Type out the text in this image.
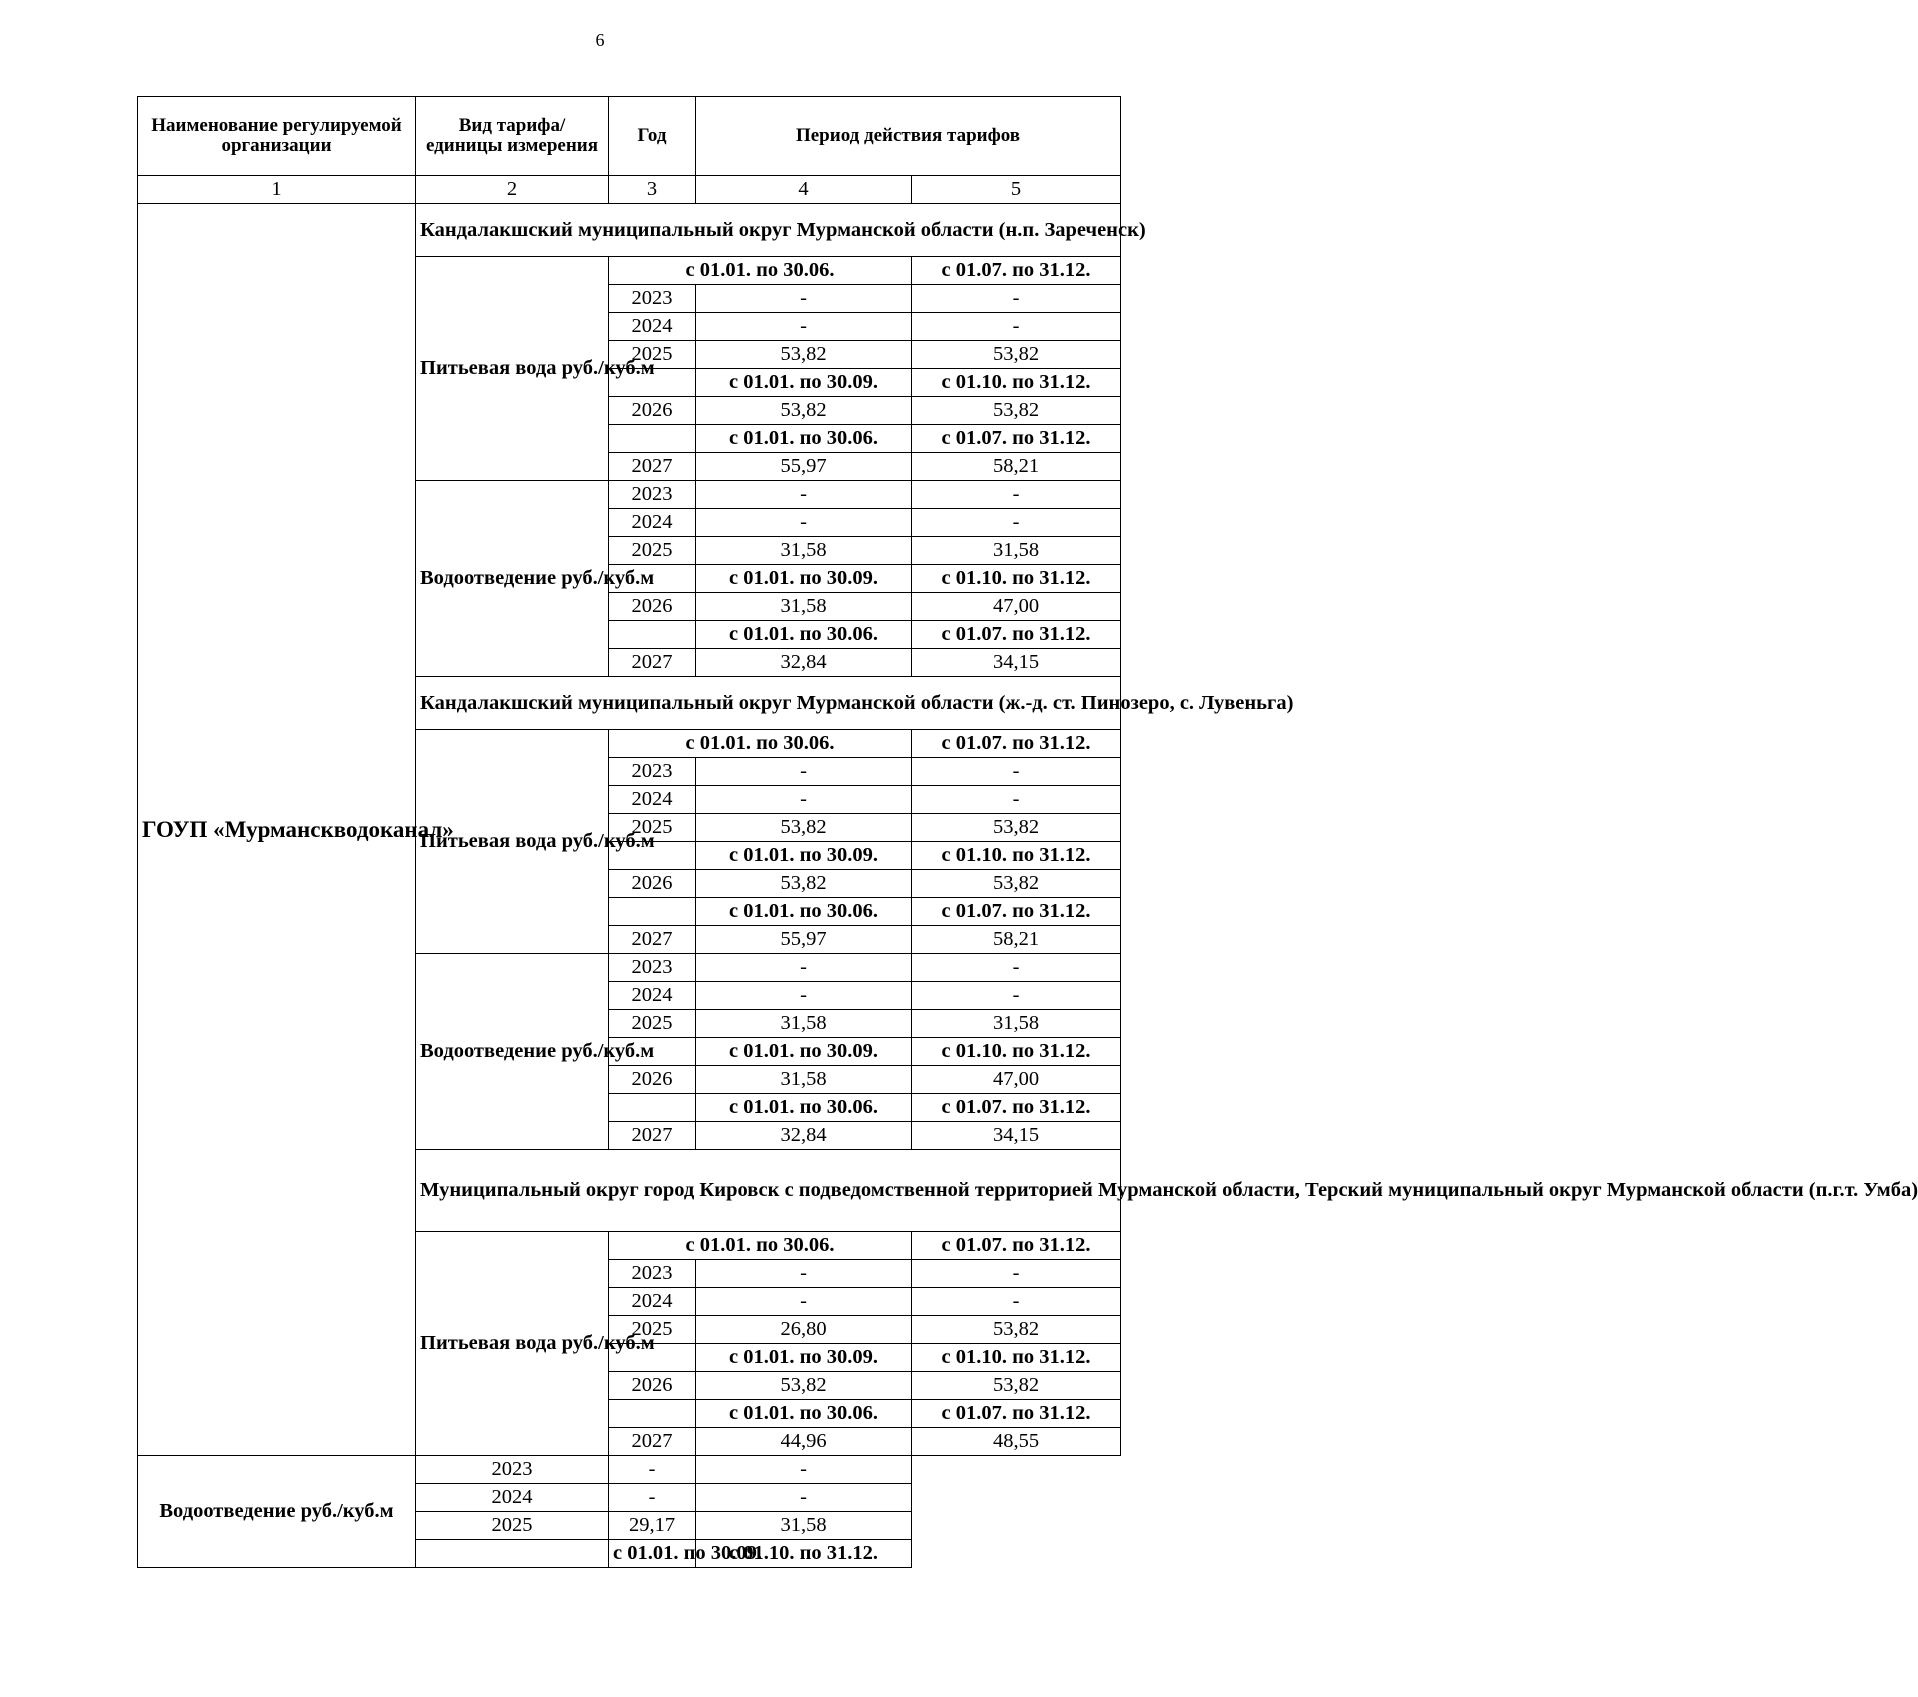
6
Наименование регулируемой организации	Вид тарифа/ единицы измерения	Год	Период действия тарифов	
1	2	3	4	5
ГОУП «Мурманскводоканал»	Кандалакшский муниципальный округ Мурманской области (н.п. Зареченск)			
	Питьевая вода руб./куб.м	с 01.01. по 30.06.		с 01.07. по 31.12.
		2023	-	-
		2024	-	-
		2025	53,82	53,82
			с 01.01. по 30.09.	с 01.10. по 31.12.
		2026	53,82	53,82
			с 01.01. по 30.06.	с 01.07. по 31.12.
		2027	55,97	58,21
	Водоотведение руб./куб.м	2023	-	-
		2024	-	-
		2025	31,58	31,58
			с 01.01. по 30.09.	с 01.10. по 31.12.
		2026	31,58	47,00
			с 01.01. по 30.06.	с 01.07. по 31.12.
		2027	32,84	34,15
	Кандалакшский муниципальный округ Мурманской области (ж.-д. ст. Пинозеро, с. Лувеньга)			
	Питьевая вода руб./куб.м	с 01.01. по 30.06.		с 01.07. по 31.12.
		2023	-	-
		2024	-	-
		2025	53,82	53,82
			с 01.01. по 30.09.	с 01.10. по 31.12.
		2026	53,82	53,82
			с 01.01. по 30.06.	с 01.07. по 31.12.
		2027	55,97	58,21
	Водоотведение руб./куб.м	2023	-	-
		2024	-	-
		2025	31,58	31,58
			с 01.01. по 30.09.	с 01.10. по 31.12.
		2026	31,58	47,00
			с 01.01. по 30.06.	с 01.07. по 31.12.
		2027	32,84	34,15
	Муниципальный округ город Кировск с подведомственной территорией Мурманской области, Терский муниципальный округ Мурманской области (п.г.т. Умба)			
	Питьевая вода руб./куб.м	с 01.01. по 30.06.		с 01.07. по 31.12.
		2023	-	-
		2024	-	-
		2025	26,80	53,82
			с 01.01. по 30.09.	с 01.10. по 31.12.
		2026	53,82	53,82
			с 01.01. по 30.06.	с 01.07. по 31.12.
		2027	44,96	48,55
Водоотведение руб./куб.м	2023	-	-	
	2024	-	-	
	2025	29,17	31,58	
		с 01.01. по 30.09.	с 01.10. по 31.12.	
